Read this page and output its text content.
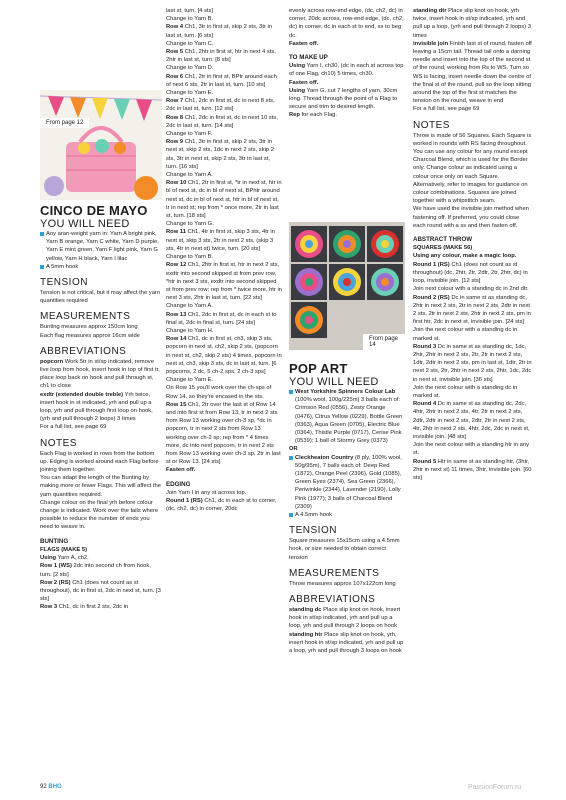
From page 12
From page 14
CINCO DE MAYO
YOU WILL NEED
Any aran-weight yarn in: Yarn A bright pink, Yarn B orange, Yarn C white, Yarn D purple, Yarn E mint green, Yarn F light pink, Yarn G yellow, Yarn H black, Yarn I lilac
A 5mm hook
TENSION
Tension is not critical, but it may affect the yarn quantities required
MEASUREMENTS
Bunting measures approx 150cm long
Each flag measures approx 16cm wide
ABBREVIATIONS
popcorn Work 5tr in st/sp indicated, remove live loop from hook, insert hook in top of first tr, place loop back on hook and pull through st, ch1 to close
exdtr (extended double treble) Yrh twice, insert hook in st indicated, yrh and pull up a loop, yrh and pull through first loop on hook, (yrh and pull through 2 loops) 3 times
For a full list, see page 69
NOTES
Each Flag is worked in rows from the bottom up. Edging is worked around each Flag before joining them together.
You can adapt the length of the Bunting by making more or fewer Flags. This will affect the yarn quantities required.
Change colour on the final yrh before colour change is indicated. Work over the tails where possible to reduce the number of ends you need to weave in.
BUNTING
FLAGS (MAKE 5)
Using Yarn A, ch2.
Row 1 (WS) 2dc into second ch from hook, turn. [2 sts]
Row 2 (RS) Ch1 (does not count as st throughout), dc in first st, 2dc in next st, turn. [3 sts]
Row 3 Ch1, dc in first 2 sts, 2dc in
last st, turn. [4 sts]
Change to Yarn B.
Row 4 Ch1, 3tr in first st, skip 2 sts, 3tr in last st, turn. [6 sts]
Change to Yarn C.
Row 5 Ch1, 2htr in first st, htr in next 4 sts, 2htr in last st, turn. [8 sts]
Change to Yarn D.
Row 6 Ch1, 2tr in first st, BPtr around each of next 6 sts, 2tr in last st, turn. [10 sts]
Change to Yarn E.
Row 7 Ch1, 2dc in first st, dc in next 8 sts, 2dc in last st, turn. [12 sts]
Row 8 Ch1, 2dc in first st, dc in next 10 sts, 2dc in last st, turn. [14 sts]
Change to Yarn F.
Row 9 Ch1, 3tr in first st, skip 2 sts, 3tr in next st, skip 2 sts, 1dc in next 2 sts, skip 2 sts, 3tr in next st, skip 2 sts, 3tr in last st, turn. [16 sts]
Change to Yarn A.
Row 10 Ch1, 2tr in first st, *tr in next st, htr in bl of next st, dc in bl of next st, BPhtr around next st, dc in bl of next st, htr in bl of next st, tr in next st; rep from * once more, 2tr in last st, turn. [18 sts]
Change to Yarn G.
Row 11 Ch1, 4tr in first st, skip 3 sts, 4tr in next st, skip 3 sts, 2tr in next 2 sts, (skip 3 sts, 4tr in next st) twice, turn. [20 sts]
Change to Yarn B.
Row 12 Ch1, 2htr in first st, htr in next 2 sts, exdtr into second skipped st from prev row, *htr in next 3 sts, exdtr into second skipped st from prev row; rep from * twice more, htr in next 3 sts, 2htr in last st, turn. [22 sts]
Change to Yarn A.
Row 13 Ch1, 2dc in first st, dc in each st to final st, 2dc in final st, turn. [24 sts]
Change to Yarn H.
Row 14 Ch1, dc in first st, ch3, skip 3 sts, popcorn in next st, ch2, skip 2 sts, (popcorn in next st, ch2, skip 2 sts) 4 times, popcorn in next st, ch3, skip 3 sts, dc in last st, turn. [6 popcorns, 2 dc, 5 ch-2 sps, 2 ch-3 sps]
Change to Yarn E.
On Row 15 you'll work over the ch-sps of Row 14, so they're encased in the sts.
Row 15 Ch1, 2tr over the last st of Row 14 and into first st from Row 13, tr in next 2 sts from Row 13 working over ch-3 sp, *dc in popcorn, tr in next 2 sts from Row 13 working over ch-2 sp; rep from * 4 times more, dc into next popcorn, tr in next 2 sts from Row 13 working over ch-3 sp, 2tr in last st or Row 13. [24 sts]
Fasten off.
EDGING
Join Yarn I in any st across top.
Round 1 (RS) Ch1, dc in each st to corner, (dc, ch2, dc) in corner, 20dc
evenly across row-end edge, (dc, ch2, dc) in corner, 20dc across, row-end edge, (dc, ch2, dc) in corner, dc in each st to end, ss to beg dc.
Fasten off.
TO MAKE UP
Using Yarn I, ch30, (dc in each st across top of one Flag, ch10) 5 times, ch30.
Fasten off.
Using Yarn G, cut 7 lengths of yarn, 30cm long. Thread through the point of a Flag to secure and trim to desired length.
Rep for each Flag.
POP ART
YOU WILL NEED
West Yorkshire Spinners Colour Lab (100% wool, 100g/225m) 3 balls each of: Crimson Red (0556), Zesty Orange (0476), Citrus Yellow (0229), Bottle Green (0363), Aqua Green (0705), Electric Blue (0364), Thistle Purple (0717), Cerise Pink (0539); 1 ball of Stormy Grey (0373)
OR
Cleckheaton Country (8 ply, 100% wool, 50g/95m), 7 balls each of: Deep Red (1872), Orange Peel (2396), Gold (1085), Green Eyes (2374), Sea Green (2366), Periwinkle (2344), Lavender (2190), Lolly Pink (1977); 3 balls of Charcoal Blend (2309)
A 4.5mm hook
TENSION
Square measures 15x15cm using a 4.5mm hook, or size needed to obtain correct tension
MEASUREMENTS
Throw measures approx 107x122cm long
ABBREVIATIONS
standing dc Place slip knot on hook, insert hook in st/sp indicated, yrh and pull up a loop, yrh and pull through 2 loops on hook
standing htr Place slip knot on hook, yrh, insert hook in st/sp indicated, yrh and pull up a loop, yrh and pull through 3 loops on hook
standing dtr Place slip knot on hook, yrh twice, insert hook in st/sp indicated, yrh and pull up a loop, (yrh and pull through 2 loops) 3 times
invisible join Finish last st of round, fasten off leaving a 15cm tail. Thread tail onto a darning needle and insert into the top of the second st of the round, working from Rs to WS. Turn so WS is facing, insert needle down the centre of the final st of the round, pull so the loop sitting around the top of the first st matches the tension on the round, weave in end
For a full list, see page 69
NOTES
Throw is made of 56 Squares. Each Square is worked in rounds with RS facing throughout.
You can use any colour for any round except Charcoal Blend, which is used for the Border only. Change colour as indicated using a colour once only on each Square. Alternatively, refer to images for guidance on colour combinations. Squares are joined together with a whipstitch seam.
We have used the invisible join method when fastening off. If preferred, you could close each round with a ss and then fasten off.
ABSTRACT THROW
SQUARES (MAKE 56)
Using any colour, make a magic loop.
Round 1 (RS) Ch1 (does not count as st throughout) (dc, 2htr, 2tr, 2dtr, 2tr, 2htr, dc) in loop, invisible join. [12 sts]
Join next colour with a standing dc in 2nd dtr.
Round 2 (RS) Dc in same st as standing dc, 2htr in next 2 sts, 2tr in next 2 sts, 2dtr in next 2 sts, 2tr in next 2 sts, 2htr in next 2 sts, pm in first htr, 2dc in next st, invisible join. [24 sts]
Join the next colour with a standing dc in marked st.
Round 3 Dc in same st as standing dc, 1dc, 2htr, 2htr in next 2 sts, 2tr, 2tr in next 2 sts, 1dtr, 2dtr in next 2 sts, pm in last st, 1dtr, 2tr in next 2 sts, 2tr, 2htr in next 2 sts, 2htr, 1dc, 2dc in next st, invisible join. [36 sts]
Join the next colour with a standing dc in marked st.
Round 4 Dc in same st as standing dc, 2dc, 4htr, 2htr in next 2 sts, 4tr, 2tr in next 2 sts, 2dtr, 2dtr in next 2 sts, 2dtr, 2tr in next 2 sts, 4tr, 2htr in next 2 sts, 4htr, 2dc, 2dc in next st, invisible join. [48 sts]
Join the next colour with a standing htr in any st.
Round 5 Htr in same st as standing htr, (3htr, 2htr in next st) 11 times, 3htr, invisible join. [60 sts]
92 BHG	PassionForum.ru
